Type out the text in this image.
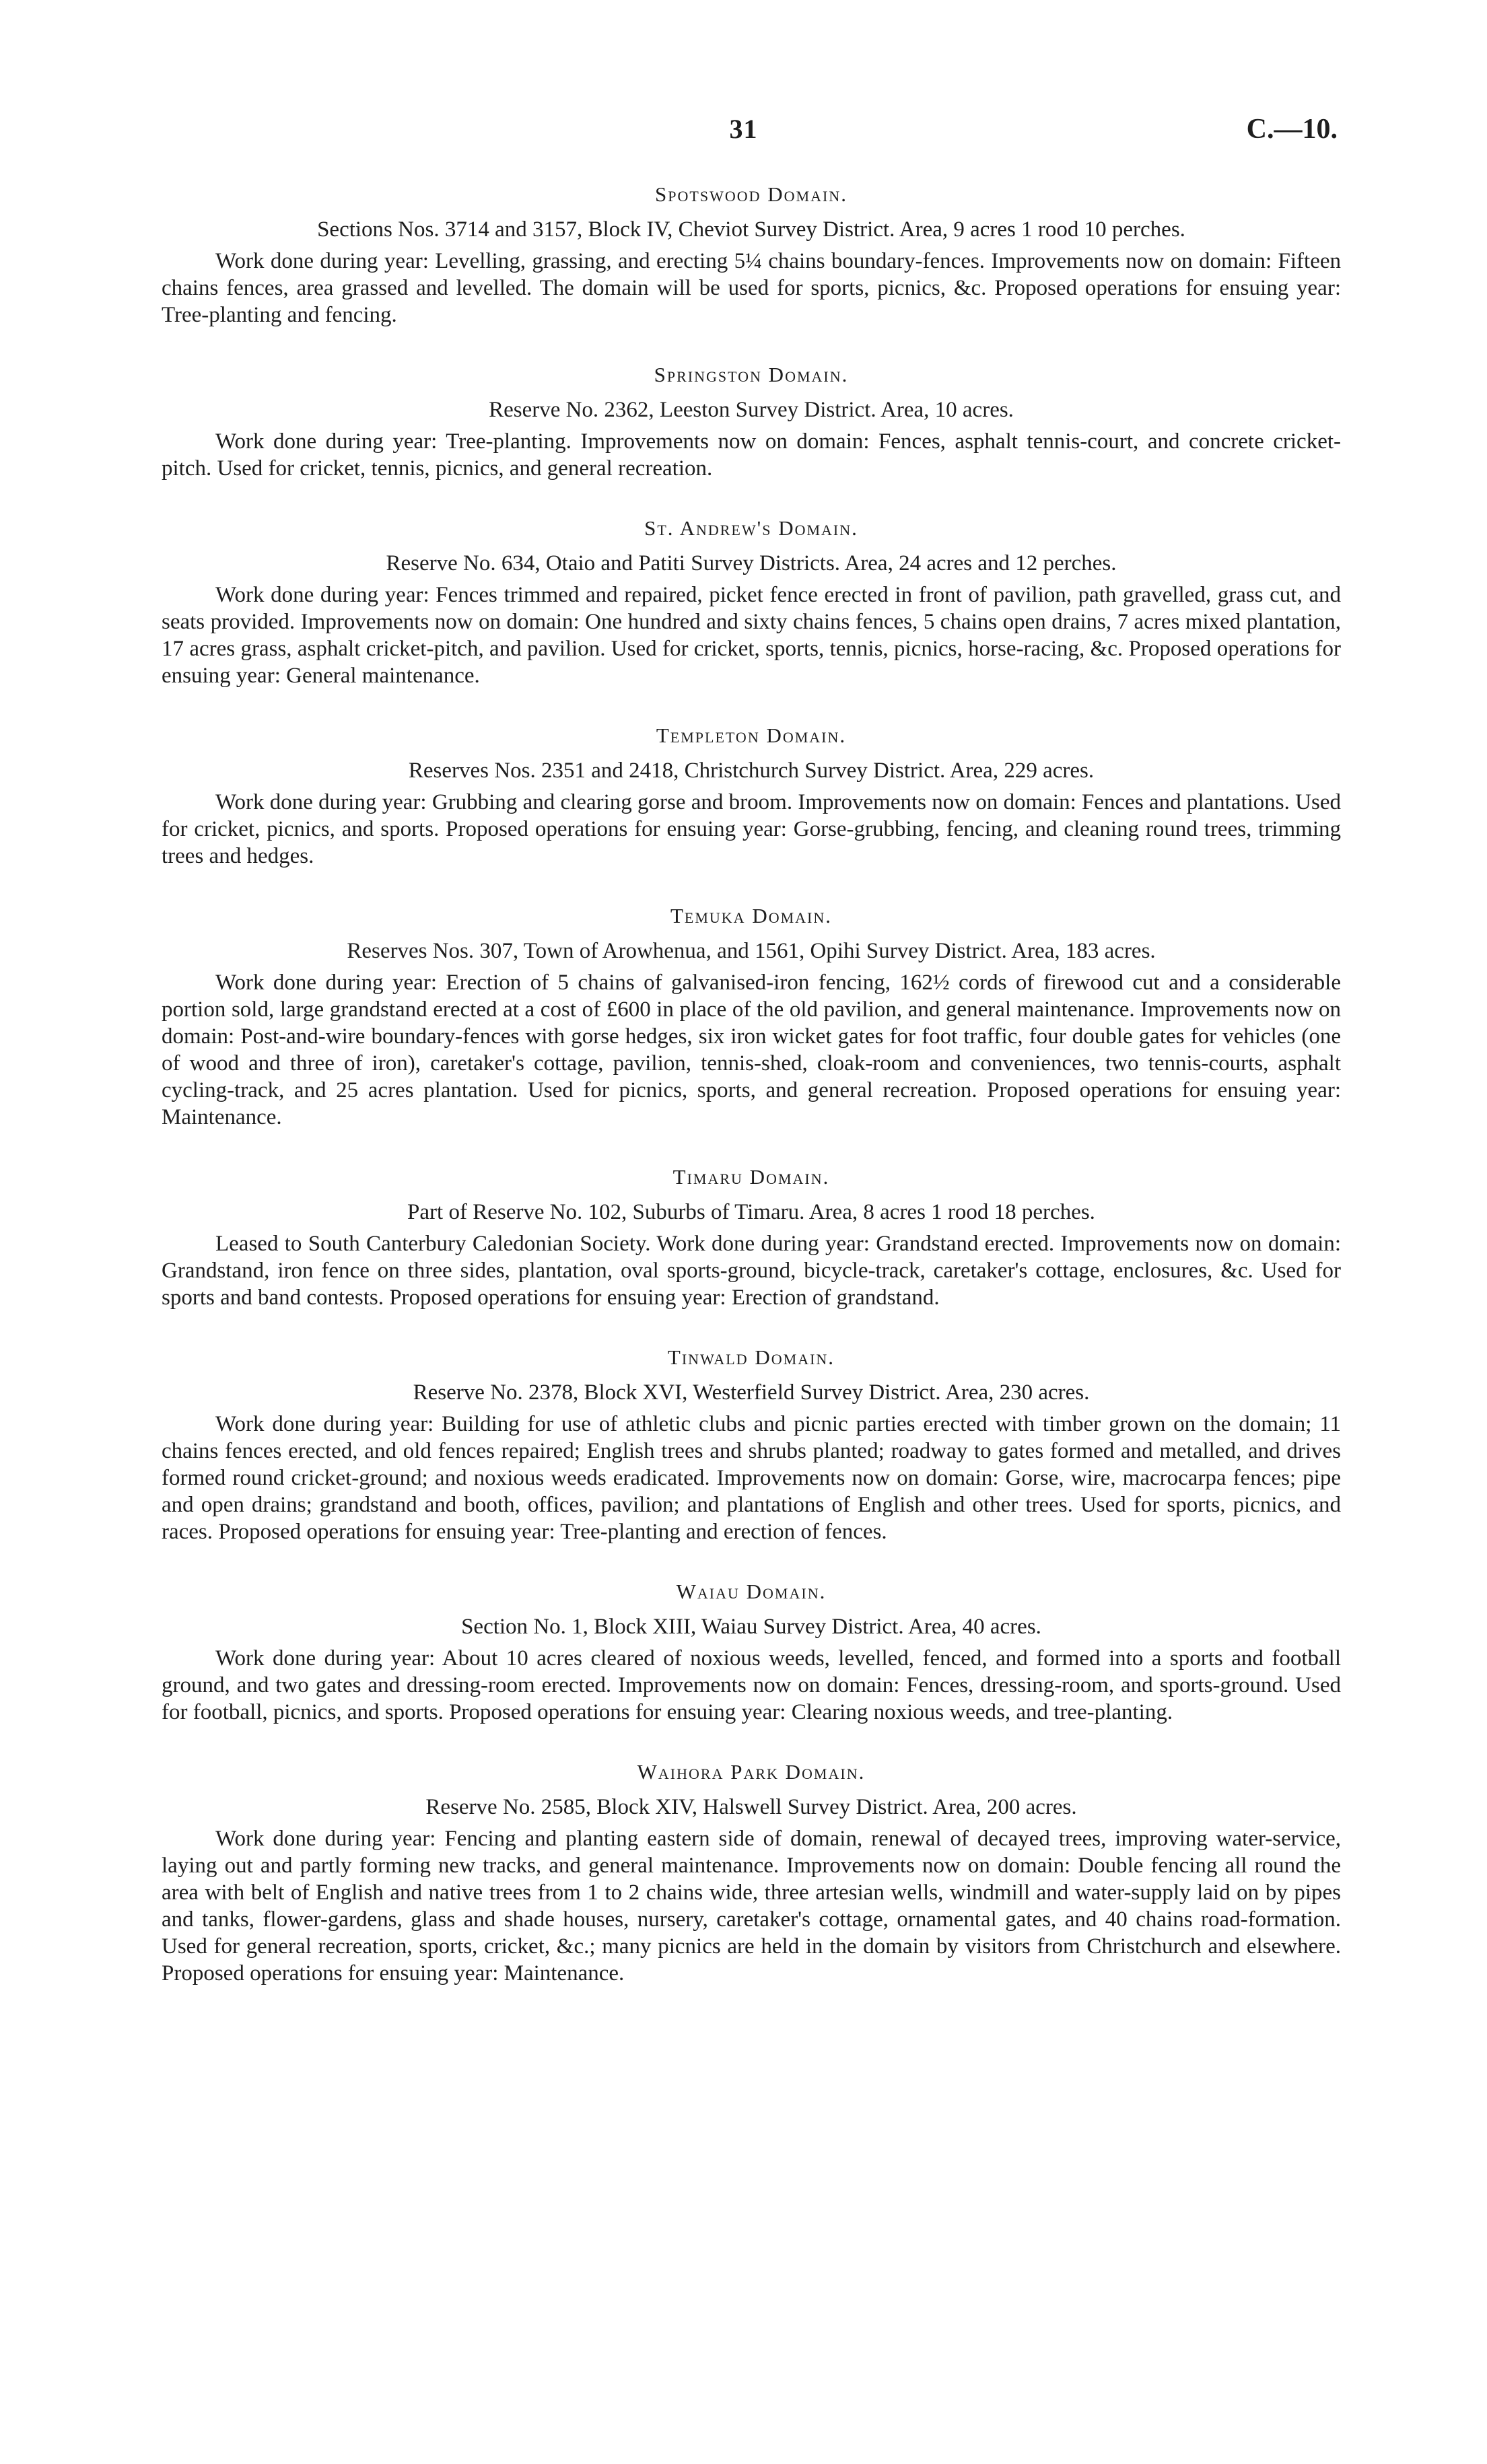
31	C.—10.
Spotswood Domain.
Sections Nos. 3714 and 3157, Block IV, Cheviot Survey District. Area, 9 acres 1 rood 10 perches.

Work done during year: Levelling, grassing, and erecting 5¼ chains boundary-fences. Improvements now on domain: Fifteen chains fences, area grassed and levelled. The domain will be used for sports, picnics, &c. Proposed operations for ensuing year: Tree-planting and fencing.

Springston Domain.
Reserve No. 2362, Leeston Survey District. Area, 10 acres.

Work done during year: Tree-planting. Improvements now on domain: Fences, asphalt tennis-court, and concrete cricket-pitch. Used for cricket, tennis, picnics, and general recreation.

St. Andrew's Domain.
Reserve No. 634, Otaio and Patiti Survey Districts. Area, 24 acres and 12 perches.

Work done during year: Fences trimmed and repaired, picket fence erected in front of pavilion, path gravelled, grass cut, and seats provided. Improvements now on domain: One hundred and sixty chains fences, 5 chains open drains, 7 acres mixed plantation, 17 acres grass, asphalt cricket-pitch, and pavilion. Used for cricket, sports, tennis, picnics, horse-racing, &c. Proposed operations for ensuing year: General maintenance.

Templeton Domain.
Reserves Nos. 2351 and 2418, Christchurch Survey District. Area, 229 acres.

Work done during year: Grubbing and clearing gorse and broom. Improvements now on domain: Fences and plantations. Used for cricket, picnics, and sports. Proposed operations for ensuing year: Gorse-grubbing, fencing, and cleaning round trees, trimming trees and hedges.

Temuka Domain.
Reserves Nos. 307, Town of Arowhenua, and 1561, Opihi Survey District. Area, 183 acres.

Work done during year: Erection of 5 chains of galvanised-iron fencing, 162½ cords of firewood cut and a considerable portion sold, large grandstand erected at a cost of £600 in place of the old pavilion, and general maintenance. Improvements now on domain: Post-and-wire boundary-fences with gorse hedges, six iron wicket gates for foot traffic, four double gates for vehicles (one of wood and three of iron), caretaker's cottage, pavilion, tennis-shed, cloak-room and conveniences, two tennis-courts, asphalt cycling-track, and 25 acres plantation. Used for picnics, sports, and general recreation. Proposed operations for ensuing year: Maintenance.

Timaru Domain.
Part of Reserve No. 102, Suburbs of Timaru. Area, 8 acres 1 rood 18 perches.

Leased to South Canterbury Caledonian Society. Work done during year: Grandstand erected. Improvements now on domain: Grandstand, iron fence on three sides, plantation, oval sports-ground, bicycle-track, caretaker's cottage, enclosures, &c. Used for sports and band contests. Proposed operations for ensuing year: Erection of grandstand.

Tinwald Domain.
Reserve No. 2378, Block XVI, Westerfield Survey District. Area, 230 acres.

Work done during year: Building for use of athletic clubs and picnic parties erected with timber grown on the domain; 11 chains fences erected, and old fences repaired; English trees and shrubs planted; roadway to gates formed and metalled, and drives formed round cricket-ground; and noxious weeds eradicated. Improvements now on domain: Gorse, wire, macrocarpa fences; pipe and open drains; grandstand and booth, offices, pavilion; and plantations of English and other trees. Used for sports, picnics, and races. Proposed operations for ensuing year: Tree-planting and erection of fences.

Waiau Domain.
Section No. 1, Block XIII, Waiau Survey District. Area, 40 acres.

Work done during year: About 10 acres cleared of noxious weeds, levelled, fenced, and formed into a sports and football ground, and two gates and dressing-room erected. Improvements now on domain: Fences, dressing-room, and sports-ground. Used for football, picnics, and sports. Proposed operations for ensuing year: Clearing noxious weeds, and tree-planting.

Waihora Park Domain.
Reserve No. 2585, Block XIV, Halswell Survey District. Area, 200 acres.

Work done during year: Fencing and planting eastern side of domain, renewal of decayed trees, improving water-service, laying out and partly forming new tracks, and general maintenance. Improvements now on domain: Double fencing all round the area with belt of English and native trees from 1 to 2 chains wide, three artesian wells, windmill and water-supply laid on by pipes and tanks, flower-gardens, glass and shade houses, nursery, caretaker's cottage, ornamental gates, and 40 chains road-formation. Used for general recreation, sports, cricket, &c.; many picnics are held in the domain by visitors from Christchurch and elsewhere. Proposed operations for ensuing year: Maintenance.
